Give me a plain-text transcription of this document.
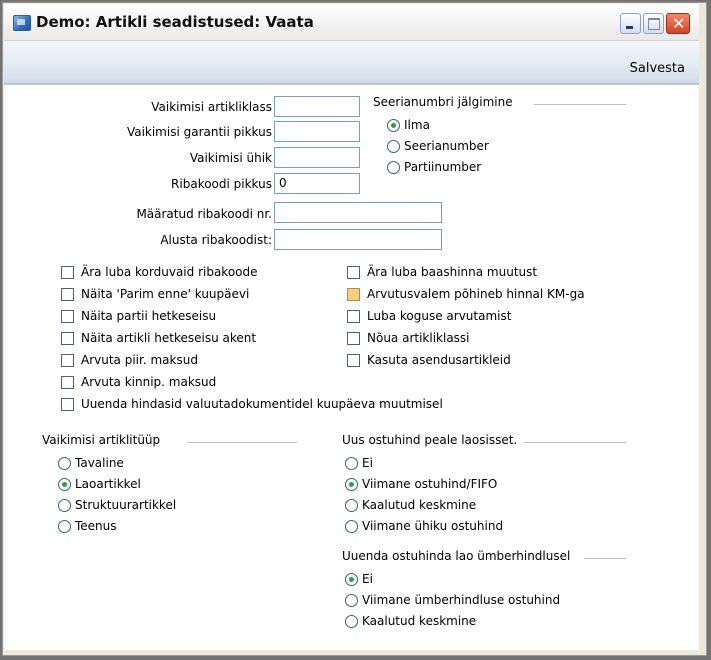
Demo: Artikli seadistused: Vaata	✕
Salvesta
Vaikimisi artikliklass
Vaikimisi garantii pikkus
Vaikimisi ühik
Ribakoodi pikkus 0
Määratud ribakoodi nr.
Alusta ribakoodist:
Seerianumbri jälgimine
Ilma
Seerianumber
Partiinumber
Ära luba korduvaid ribakoode
Näita 'Parim enne' kuupäevi
Näita partii hetkeseisu
Näita artikli hetkeseisu akent
Arvuta piir. maksud
Arvuta kinnip. maksud
Uuenda hindasid valuutadokumentidel kuupäeva muutmisel
Ära luba baashinna muutust
Arvutusvalem põhineb hinnal KM-ga
Luba koguse arvutamist
Nõua artikliklassi
Kasuta asendusartikleid
Vaikimisi artiklitüüp
Tavaline
Laoartikkel
Struktuurartikkel
Teenus
Uus ostuhind peale laosisset.
Ei
Viimane ostuhind/FIFO
Kaalutud keskmine
Viimane ühiku ostuhind
Uuenda ostuhinda lao ümberhindlusel
Ei
Viimane ümberhindluse ostuhind
Kaalutud keskmine
